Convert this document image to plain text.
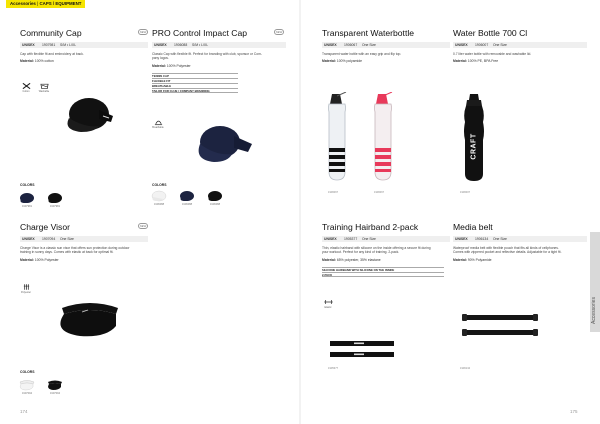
Accessories | CAPS / EQUIPMENT
Accessories
Community Cap	NEW
UNISEX	1907981	S/M • L/XL
Cap with flexible fit and embroidery at back.
Material: 100% cotton
Cotton	Washable
COLORS
1907981	1907981
PRO Control Impact Cap	NEW
UNISEX	1906088	S/M • L/XL
Classic Cap with flexible fit. Perfect for branding with club, sponsor or Com-
pany logos.
Material: 100% Polyester
TENNIS CAP
FLEXIBLE FIT
BREATHABLE
TAILOR FOR CLUB / COMPANY BRANDING
Breathable
COLORS
1906088	1906088	1906088
Charge Visor	NEW
UNISEX	1907094	One Size
Charge Visor is a classic sun visor that offers sun protection during outdoor
training in sunny days. Comes with elastic at back for optimal fit.
Material: 100% Polyester
Polyester
COLORS
1907094	1907094
174
Transparent Waterbottle
UNISEX	1906067	One Size
Transparent water bottle with an easy grip and flip top.
Material: 100% polyamide
1906067	1906067
Water Bottle 700 Cl
UNISEX	1906007	One Size
0.7 liter water bottle with removable and washable lid.
Material: 100% PE, BPA Free
CRAFT
1906007
Training Hairband 2-pack
UNISEX	1905377	One Size
Thin, elastic hairband with silicone on the inside offering a secure fit during
your workout. Perfect for any kind of training. 2-pack.
Material: 65% polyester, 35% elastane
SILICONE HAIRBAND WITH SILICONE ON THE INSIDE
2-PACK
Elastic
1905377
Media belt
UNISEX	1906134	One Size
Waterproof media belt with flexible pouch that fits all kinds of cellphones.
Comes with zippered pocket and reflective details. Adjustable for a tight fit.
Material: 90% Polyamide
1906134
175
